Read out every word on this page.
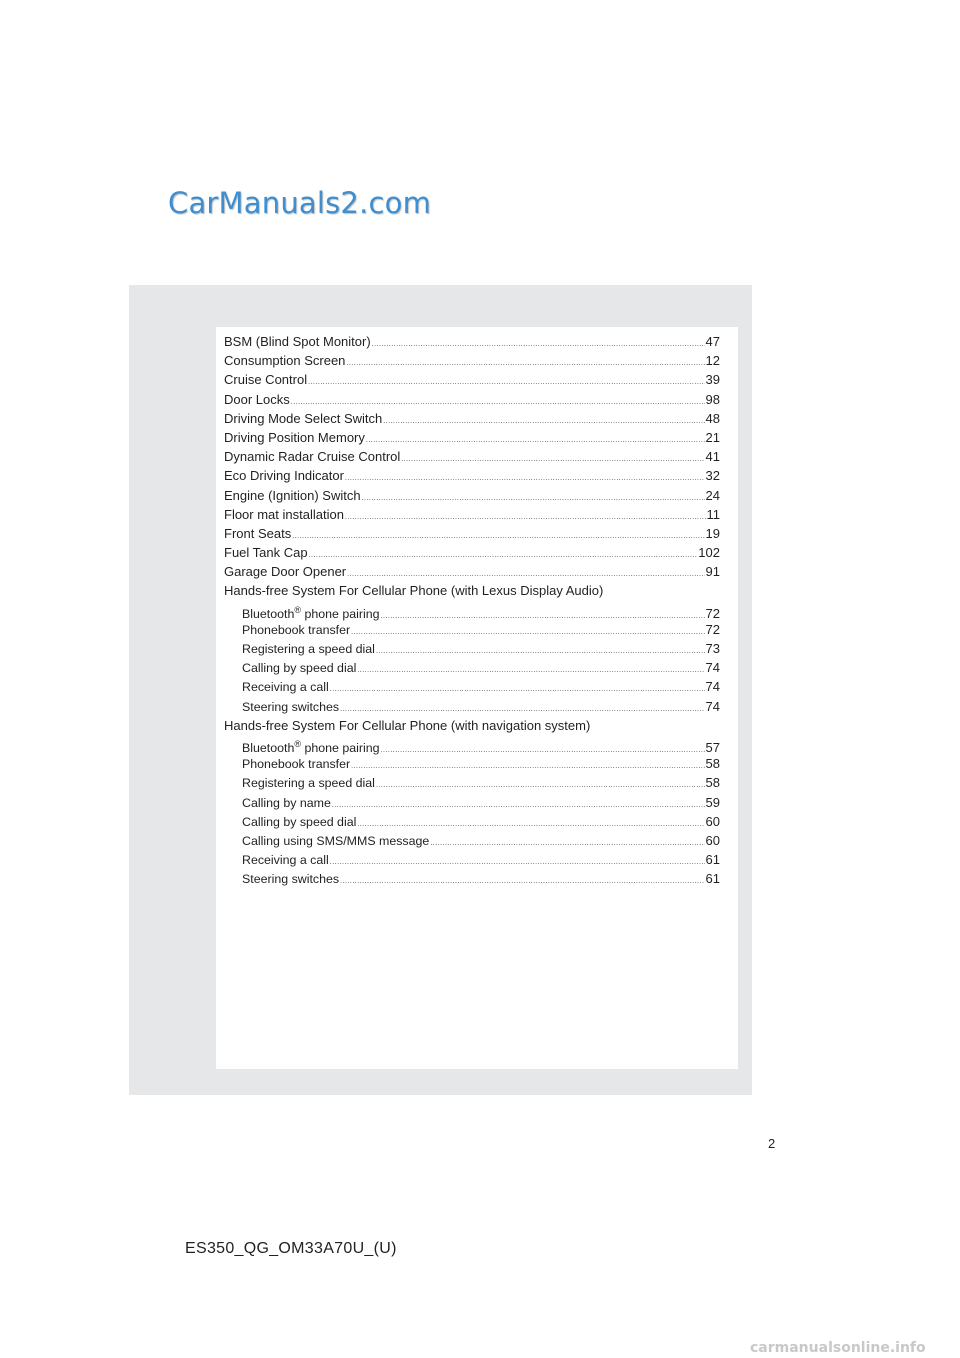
CarManuals2.com
BSM (Blind Spot Monitor) .....	47
Consumption Screen .....	12
Cruise Control .....	39
Door Locks .....	98
Driving Mode Select Switch .....	48
Driving Position Memory .....	21
Dynamic Radar Cruise Control .....	41
Eco Driving Indicator .....	32
Engine (Ignition) Switch .....	24
Floor mat installation .....	11
Front Seats .....	19
Fuel Tank Cap .....	102
Garage Door Opener .....	91
Hands-free System For Cellular Phone (with Lexus Display Audio)
Bluetooth® phone pairing .....	72
Phonebook transfer .....	72
Registering a speed dial .....	73
Calling by speed dial .....	74
Receiving a call .....	74
Steering switches .....	74
Hands-free System For Cellular Phone (with navigation system)
Bluetooth® phone pairing .....	57
Phonebook transfer .....	58
Registering a speed dial .....	58
Calling by name .....	59
Calling by speed dial .....	60
Calling using SMS/MMS message .....	60
Receiving a call .....	61
Steering switches .....	61
2
ES350_QG_OM33A70U_(U)
carmanualsonline.info
